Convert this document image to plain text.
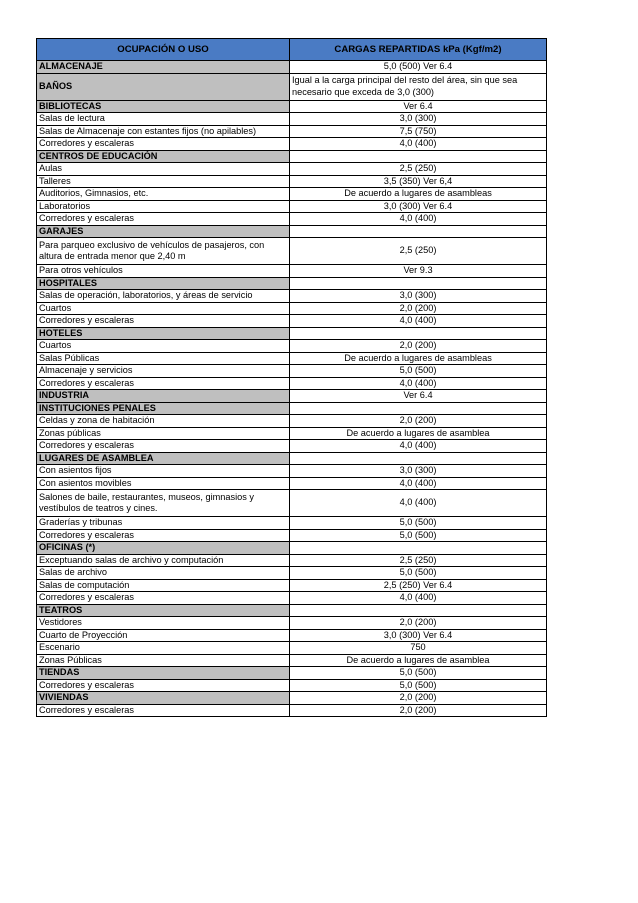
OCUPACIÓN O USO	CARGAS REPARTIDAS kPa (Kgf/m2)
ALMACENAJE	5,0 (500) Ver 6.4
BAÑOS	Igual a la carga principal del resto del área, sin que sea necesario que exceda de 3,0 (300)
BIBLIOTECAS	Ver 6.4
Salas de lectura	3,0 (300)
Salas de Almacenaje con estantes fijos (no apilables)	7,5 (750)
Corredores y escaleras	4,0 (400)
CENTROS DE EDUCACIÓN	
Aulas	2,5 (250)
Talleres	3,5 (350) Ver 6,4
Auditorios, Gimnasios, etc.	De acuerdo a lugares de asambleas
Laboratorios	3,0 (300) Ver 6.4
Corredores y escaleras	4,0 (400)
GARAJES	
Para parqueo exclusivo de vehículos de pasajeros, con altura de entrada menor que 2,40 m	2,5 (250)
Para otros vehículos	Ver 9.3
HOSPITALES	
Salas de operación, laboratorios, y áreas de servicio	3,0 (300)
Cuartos	2,0 (200)
Corredores y escaleras	4,0 (400)
HOTELES	
Cuartos	2,0 (200)
Salas Públicas	De acuerdo a lugares de asambleas
Almacenaje y servicios	5,0 (500)
Corredores y escaleras	4,0 (400)
INDUSTRIA	Ver 6.4
INSTITUCIONES PENALES	
Celdas y zona de habitación	2,0 (200)
Zonas públicas	De acuerdo a lugares de asamblea
Corredores y escaleras	4,0 (400)
LUGARES DE ASAMBLEA	
Con asientos fijos	3,0 (300)
Con asientos movibles	4,0 (400)
Salones de baile, restaurantes, museos, gimnasios y vestíbulos de teatros y cines.	4,0 (400)
Graderías y tribunas	5,0 (500)
Corredores y escaleras	5,0 (500)
OFICINAS (*)	
Exceptuando salas de archivo y computación	2,5 (250)
Salas de archivo	5,0 (500)
Salas de computación	2,5 (250) Ver 6.4
Corredores y escaleras	4,0 (400)
TEATROS	
Vestidores	2,0 (200)
Cuarto de Proyección	3,0 (300) Ver 6.4
Escenario	750
Zonas Públicas	De acuerdo a lugares de asamblea
TIENDAS	5,0 (500)
Corredores y escaleras	5,0 (500)
VIVIENDAS	2,0 (200)
Corredores y escaleras	2,0 (200)
